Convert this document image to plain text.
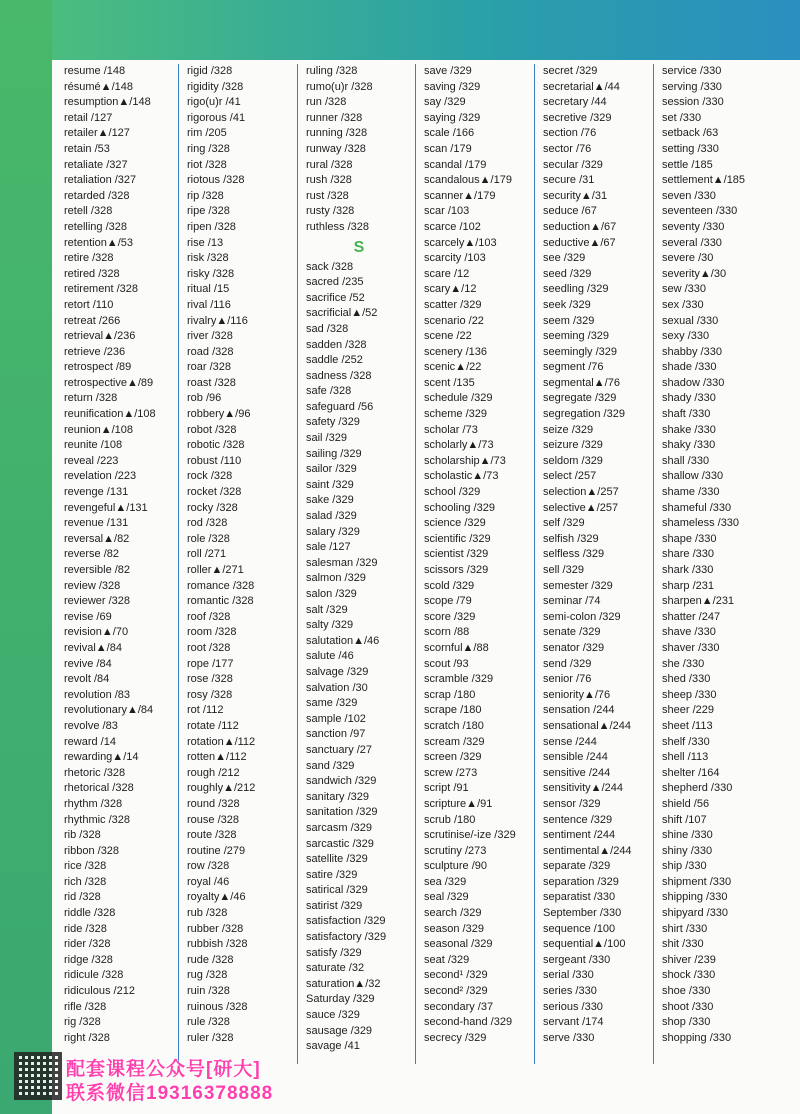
resume /148
résumé▲/148
resumption▲/148
retail /127
retailer▲/127
retain /53
retaliate /327
retaliation /327
retarded /328
retell /328
retelling /328
retention▲/53
retire /328
retired /328
retirement /328
retort /110
retreat /266
retrieval▲/236
retrieve /236
retrospect /89
retrospective▲/89
return /328
reunification▲/108
reunion▲/108
reunite /108
reveal /223
revelation /223
revenge /131
revengeful▲/131
revenue /131
reversal▲/82
reverse /82
reversible /82
review /328
reviewer /328
revise /69
revision▲/70
revival▲/84
revive /84
revolt /84
revolution /83
revolutionary▲/84
revolve /83
reward /14
rewarding▲/14
rhetoric /328
rhetorical /328
rhythm /328
rhythmic /328
rib /328
ribbon /328
rice /328
rich /328
rid /328
riddle /328
ride /328
rider /328
ridge /328
ridicule /328
ridiculous /212
rifle /328
rig /328
right /328
rigid /328
rigidity /328
rigo(u)r /41
rigorous /41
rim /205
ring /328
riot /328
riotous /328
rip /328
ripe /328
ripen /328
rise /13
risk /328
risky /328
ritual /15
rival /116
rivalry▲/116
river /328
road /328
roar /328
roast /328
rob /96
robbery▲/96
robot /328
robotic /328
robust /110
rock /328
rocket /328
rocky /328
rod /328
role /328
roll /271
roller▲/271
romance /328
romantic /328
roof /328
room /328
root /328
rope /177
rose /328
rosy /328
rot /112
rotate /112
rotation▲/112
rotten▲/112
rough /212
roughly▲/212
round /328
rouse /328
route /328
routine /279
row /328
royal /46
royalty▲/46
rub /328
rubber /328
rubbish /328
rude /328
rug /328
ruin /328
ruinous /328
rule /328
ruler /328
ruling /328
rumo(u)r /328
run /328
runner /328
running /328
runway /328
rural /328
rush /328
rust /328
rusty /328
ruthless /328
S
sack /328
sacred /235
sacrifice /52
sacrificial▲/52
sad /328
sadden /328
saddle /252
sadness /328
safe /328
safeguard /56
safety /329
sail /329
sailing /329
sailor /329
saint /329
sake /329
salad /329
salary /329
sale /127
salesman /329
salmon /329
salon /329
salt /329
salty /329
salutation▲/46
salute /46
salvage /329
salvation /30
same /329
sample /102
sanction /97
sanctuary /27
sand /329
sandwich /329
sanitary /329
sanitation /329
sarcasm /329
sarcastic /329
satellite /329
satire /329
satirical /329
satirist /329
satisfaction /329
satisfactory /329
satisfy /329
saturate /32
saturation▲/32
Saturday /329
sauce /329
sausage /329
savage /41
save /329
saving /329
say /329
saying /329
scale /166
scan /179
scandal /179
scandalous▲/179
scanner▲/179
scar /103
scarce /102
scarcely▲/103
scarcity /103
scare /12
scary▲/12
scatter /329
scenario /22
scene /22
scenery /136
scenic▲/22
scent /135
schedule /329
scheme /329
scholar /73
scholarly▲/73
scholarship▲/73
scholastic▲/73
school /329
schooling /329
science /329
scientific /329
scientist /329
scissors /329
scold /329
scope /79
score /329
scorn /88
scornful▲/88
scout /93
scramble /329
scrap /180
scrape /180
scratch /180
scream /329
screen /329
screw /273
script /91
scripture▲/91
scrub /180
scrutinise/-ize /329
scrutiny /273
sculpture /90
sea /329
seal /329
search /329
season /329
seasonal /329
seat /329
second¹ /329
second² /329
secondary /37
second-hand /329
secrecy /329
secret /329
secretarial▲/44
secretary /44
secretive /329
section /76
sector /76
secular /329
secure /31
security▲/31
seduce /67
seduction▲/67
seductive▲/67
see /329
seed /329
seedling /329
seek /329
seem /329
seeming /329
seemingly /329
segment /76
segmental▲/76
segregate /329
segregation /329
seize /329
seizure /329
seldom /329
select /257
selection▲/257
selective▲/257
self /329
selfish /329
selfless /329
sell /329
semester /329
seminar /74
semi-colon /329
senate /329
senator /329
send /329
senior /76
seniority▲/76
sensation /244
sensational▲/244
sense /244
sensible /244
sensitive /244
sensitivity▲/244
sensor /329
sentence /329
sentiment /244
sentimental▲/244
separate /329
separation /329
separatist /330
September /330
sequence /100
sequential▲/100
sergeant /330
serial /330
series /330
serious /330
servant /174
serve /330
service /330
serving /330
session /330
set /330
setback /63
setting /330
settle /185
settlement▲/185
seven /330
seventeen /330
seventy /330
several /330
severe /30
severity▲/30
sew /330
sex /330
sexual /330
sexy /330
shabby /330
shade /330
shadow /330
shady /330
shaft /330
shake /330
shaky /330
shall /330
shallow /330
shame /330
shameful /330
shameless /330
shape /330
share /330
shark /330
sharp /231
sharpen▲/231
shatter /247
shave /330
shaver /330
she /330
shed /330
sheep /330
sheer /229
sheet /113
shelf /330
shell /113
shelter /164
shepherd /330
shield /56
shift /107
shine /330
shiny /330
ship /330
shipment /330
shipping /330
shipyard /330
shirt /330
shit /330
shiver /239
shock /330
shoe /330
shoot /330
shop /330
shopping /330
配套课程公众号[研大]
联系微信19316378888
